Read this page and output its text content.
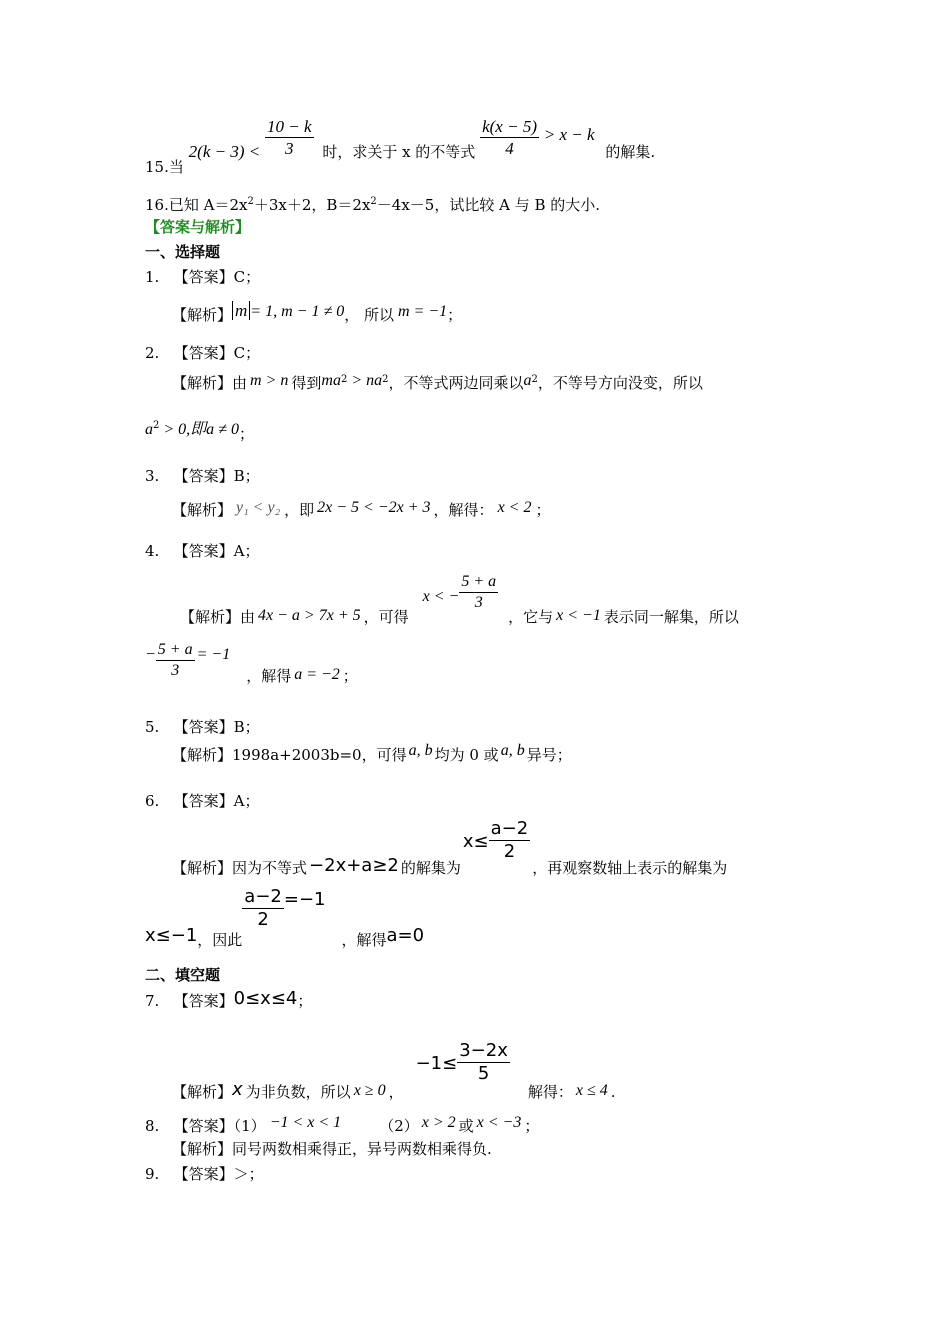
15.当 $2(k - 3) < \frac{10 - k}{3}$ 时，求关于 x 的不等式 $\frac{k(x - 5)}{4} > x - k$ 的解集.
16.已知 $A=2x^2+3x+2$，$B=2x^2-4x-5$，试比较 A 与 B 的大小.
【答案与解析】
一、选择题
1. 【答案】C；
【解析】 m = 1, m − 1 ≠ 0， 所以 m = −1；
2. 【答案】C；
【解析】由 m > n 得到$ma^2 > na^2$，不等式两边同乘以$a^2$，不等号方向没变，所以
$a^2 > 0$,即a ≠ 0；
3. 【答案】B；
【解析】 y₁ < y₂ ，即 2x − 5 < −2x + 3 ，解得： x < 2 ；
4. 【答案】A；
【解析】由 4x − a > 7x + 5 ，可得x < − $\frac{5 + a}{3}$
，它与 x < −1 表示同一解集，所以
− $\frac{5 + a}{3} = -1$，解得 a = −2 ；
5. 【答案】B；
【解析】1998a+2003b=0，可得 a, b 均为 0 或 a, b 异号；
6. 【答案】A；
【解析】因为不等式 −2x+a≥2 的解集为$x\le \frac{a-2}{2}$
，再观察数轴上表示的解集为
x≤−1，因此
$\frac{a-2}{2} =-1$，解得a=0
二、填空题
7. 【答案】0≤x≤4；
【解析】x 为非负数，所以 x ≥ 0 ，$-1\le \frac{3-2x}{5}$
解得： x ≤ 4 .
8. 【答案】（1） −1 < x < 1	（2） x > 2 或 x < −3 ；
【解析】同号两数相乘得正，异号两数相乘得负.
9. 【答案】＞；
